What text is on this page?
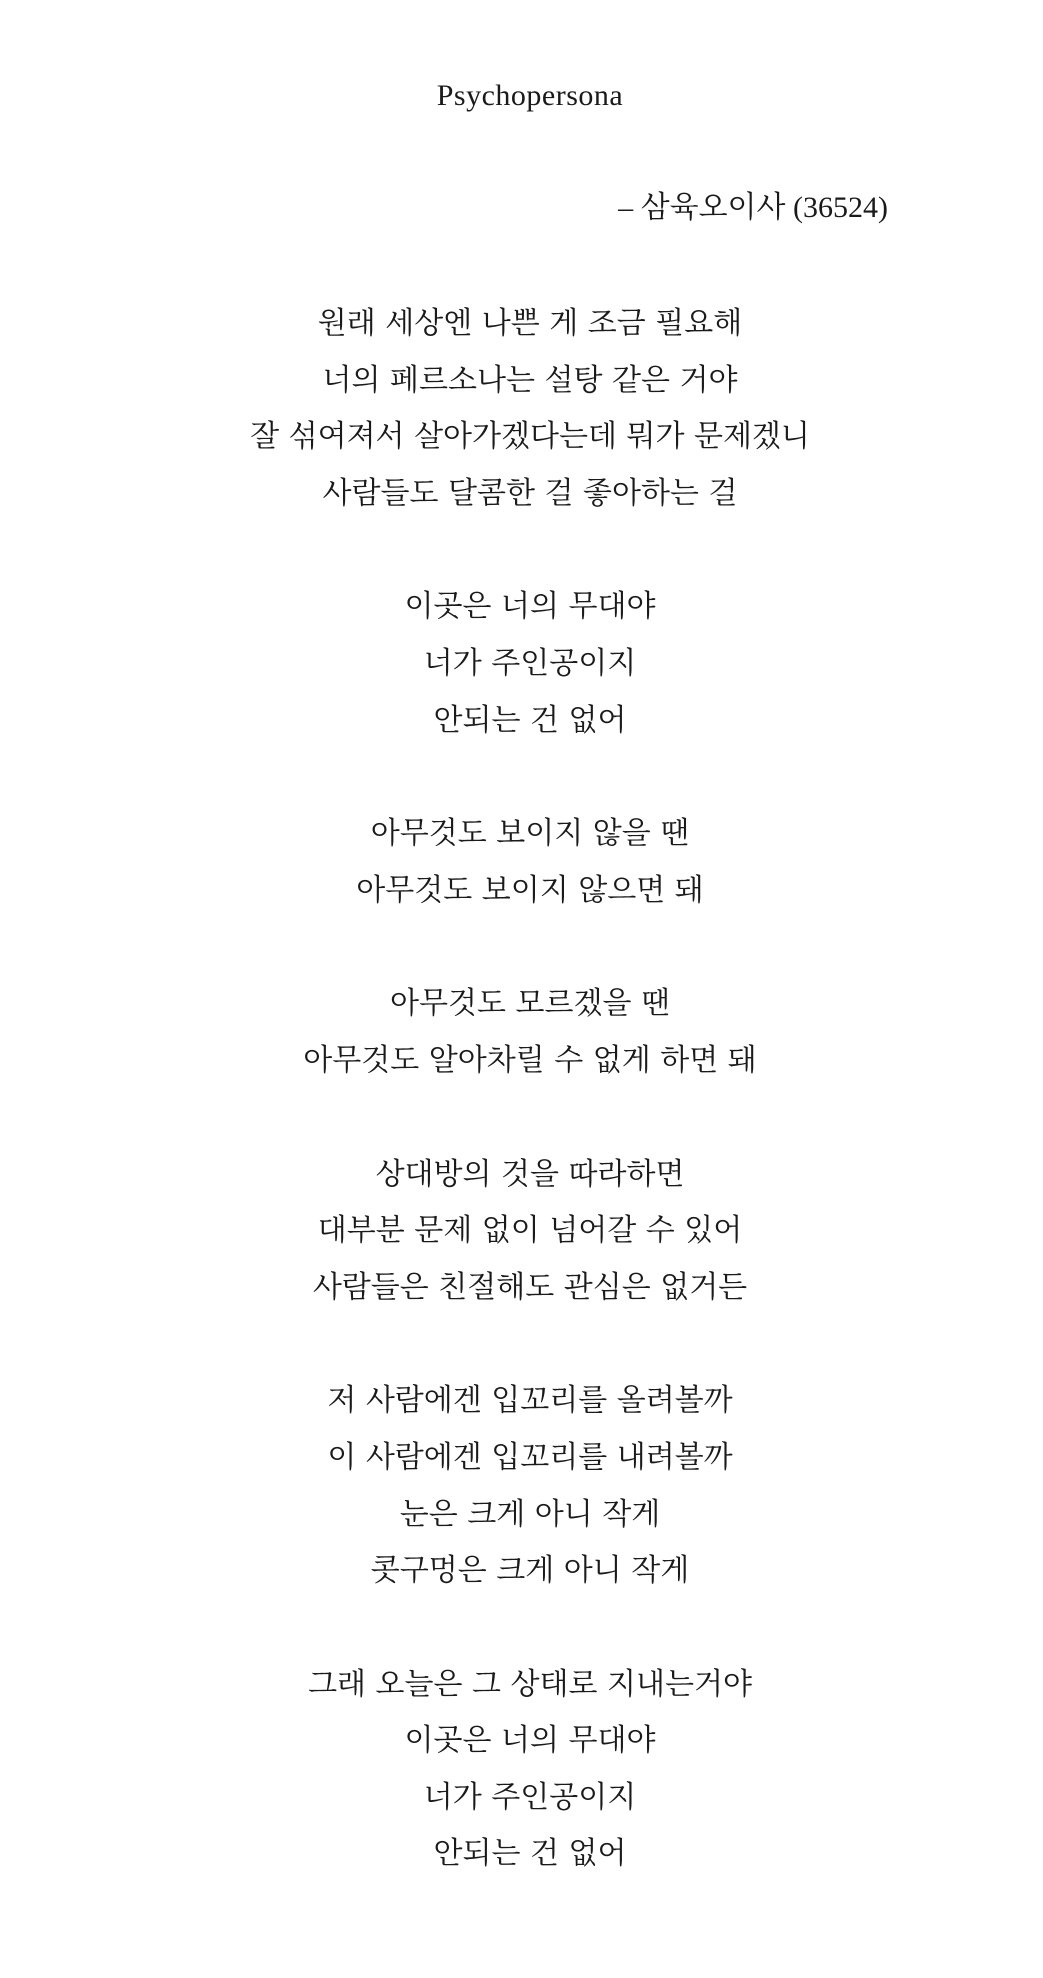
Psychopersona
– 삼육오이사 (36524)
원래 세상엔 나쁜 게 조금 필요해
너의 페르소나는 설탕 같은 거야
잘 섞여져서 살아가겠다는데 뭐가 문제겠니
사람들도 달콤한 걸 좋아하는 걸
이곳은 너의 무대야
너가 주인공이지
안되는 건 없어
아무것도 보이지 않을 땐
아무것도 보이지 않으면 돼
아무것도 모르겠을 땐
아무것도 알아차릴 수 없게 하면 돼
상대방의 것을 따라하면
대부분 문제 없이 넘어갈 수 있어
사람들은 친절해도 관심은 없거든
저 사람에겐 입꼬리를 올려볼까
이 사람에겐 입꼬리를 내려볼까
눈은 크게 아니 작게
콧구멍은 크게 아니 작게
그래 오늘은 그 상태로 지내는거야
이곳은 너의 무대야
너가 주인공이지
안되는 건 없어
